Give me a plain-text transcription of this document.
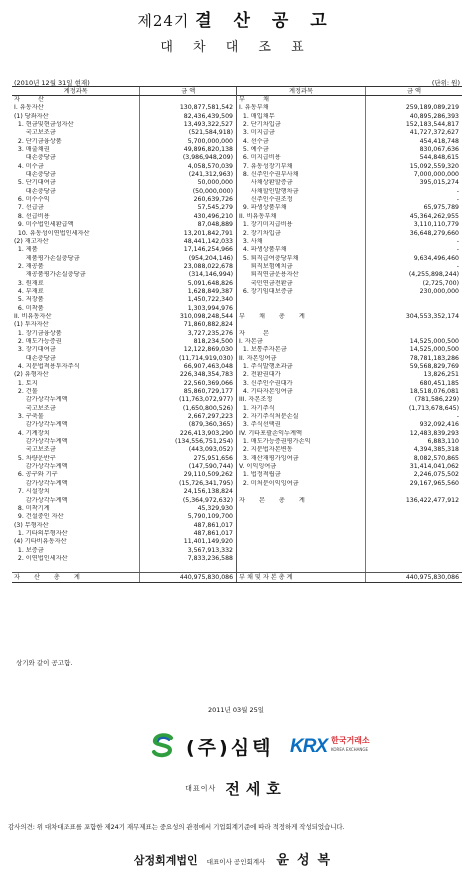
제24기 결 산 공 고
대 차 대 조 표
(2010년 12월 31일 현재)	(단위: 원)
계정과목	금 액
자 산
I. 유동자산	130,877,581,542
(1) 당좌자산	82,436,439,509
1. 현금및현금성자산	13,493,322,527
국고보조금	(521,584,918)
2. 단기금융상품	5,700,000,000
3. 매출채권	49,896,820,138
대손충당금	(3,986,948,209)
4. 미수금	4,058,570,039
대손충당금	(241,312,963)
5. 단기대여금	50,000,000
대손충당금	(50,000,000)
6. 미수수익	260,639,726
7. 선급금	57,545,279
8. 선급비용	430,496,210
9. 미수법인세환급액	87,048,889
10. 유동성이연법인세자산	13,201,842,791
(2) 재고자산	48,441,142,033
1. 제품	17,146,254,966
제품평가손실충당금	(954,204,146)
2. 재공품	23,088,022,678
재공품평가손실충당금	(314,146,994)
3. 원재료	5,091,648,826
4. 부재료	1,628,849,387
5. 저장품	1,450,722,340
6. 미착품	1,303,994,976
II. 비유동자산	310,098,248,544
(1) 투자자산	71,860,882,824
1. 장기금융상품	3,727,235,276
2. 매도가능증권	818,234,500
3. 장기대여금	12,122,869,030
대손충당금	(11,714,919,030)
4. 지분법적용투자주식	66,907,463,048
(2) 유형자산	226,348,354,783
1. 토지	22,560,369,066
2. 건물	85,860,729,177
감가상각누계액	(11,763,072,977)
국고보조금	(1,650,800,526)
3. 구축물	2,667,297,223
감가상각누계액	(879,360,365)
4. 기계장치	226,413,903,290
감가상각누계액	(134,556,751,254)
국고보조금	(443,093,052)
5. 차량운반구	275,951,656
감가상각누계액	(147,590,744)
6. 공구와 기구	29,110,509,262
감가상각누계액	(15,726,341,795)
7. 시설장치	24,156,138,824
감가상각누계액	(5,364,972,632)
8. 미착기계	45,329,930
9. 건설중인 자산	5,790,109,700
(3) 무형자산	487,861,017
1. 기타의무형자산	487,861,017
(4) 기타비유동자산	11,401,149,920
1. 보증금	3,567,913,332
2. 이연법인세자산	7,833,236,588
자 산 총 계	440,975,830,086
계정과목	금 액
부 채
I. 유동부채	259,189,089,219
1. 매입채무	40,895,286,393
2. 단기차입금	152,183,544,817
3. 미지급금	41,727,372,627
4. 선수금	454,418,748
5. 예수금	830,067,636
6. 미지급비용	544,848,615
7. 유동성장기부채	15,092,559,320
8. 신주인수권부사채	7,000,000,000
사채상환할증금	395,015,274
사채할인발행차금	-
신주인수권조정	-
9. 파생상품부채	65,975,789
II. 비유동부채	45,364,262,955
1. 장기미지급비용	3,110,110,779
2. 장기차입금	36,648,279,660
3. 사채	-
4. 파생상품부채	-
5. 퇴직급여충당부채	9,634,496,460
퇴직보험예치금	-
퇴직연금운용자산	(4,255,898,244)
국민연금전환금	(2,725,700)
6. 장기임대보증금	230,000,000
부 채 총 계	304,553,352,174
자 본
I. 자본금	14,525,000,500
1. 보통주자본금	14,525,000,500
II. 자본잉여금	78,781,183,286
1. 주식발행초과금	59,568,829,769
2. 전환권대가	13,826,251
3. 신주인수권대가	680,451,185
4. 기타자본잉여금	18,518,076,081
III. 자본조정	(781,586,229)
1. 자기주식	(1,713,678,645)
2. 자기주식처분손실	-
3. 주식선택권	932,092,416
IV. 기타포괄손익누계액	12,483,839,293
1. 매도가능증권평가손익	6,883,110
2. 지분법자본변동	4,394,385,318
3. 재산재평가잉여금	8,082,570,865
V. 이익잉여금	31,414,041,062
1. 법정적립금	2,246,075,502
2. 미처분이익잉여금	29,167,965,560
자 본 총 계	136,422,477,912
부 채 및 자 본 총 계	440,975,830,086
상기와 같이 공고함.
2011년 03월 25일
(주)심텍 KRX 한국거래소
KOREA EXCHANGE
대표이사 전세호
감사의견: 위 대차대조표를 포함한 제24기 재무제표는 중요성의 관점에서 기업회계기준에 따라 적정하게 작성되었습니다.
삼정회계법인 대표이사 공인회계사 윤성복
